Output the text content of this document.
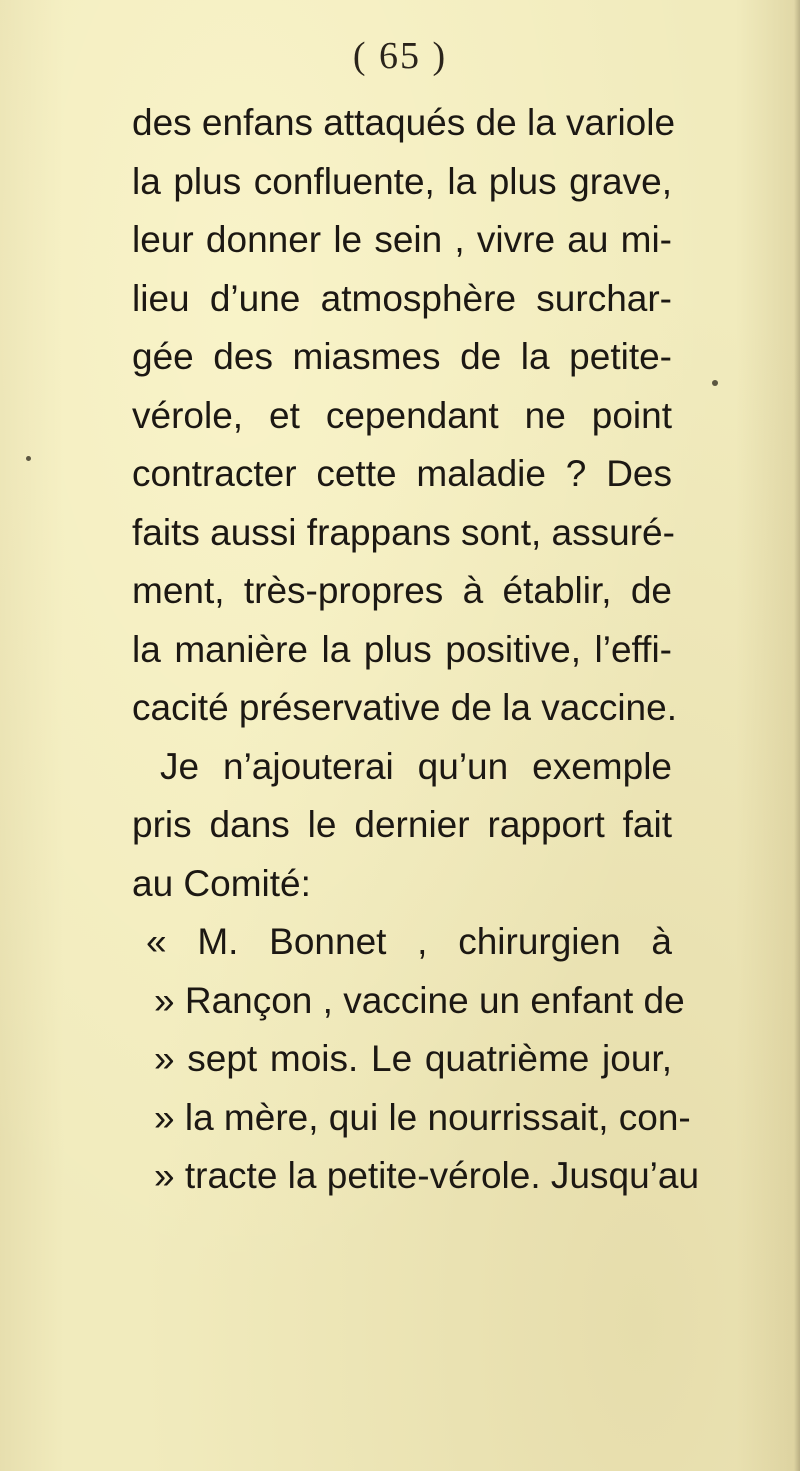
( 65 )
des enfans attaqués de la variole
la plus confluente, la plus grave,
leur donner le sein , vivre au mi-
lieu d’une atmosphère surchar-
gée des miasmes de la petite-
vérole, et cependant ne point
contracter cette maladie ? Des
faits aussi frappans sont, assuré-
ment, très-propres à établir, de
la manière la plus positive, l’effi-
cacité préservative de la vaccine.
Je n’ajouterai qu’un exemple
pris dans le dernier rapport fait
au Comité:
« M. Bonnet , chirurgien à
» Rançon , vaccine un enfant de
» sept mois. Le quatrième jour,
» la mère, qui le nourrissait, con-
» tracte la petite-vérole. Jusqu’au
